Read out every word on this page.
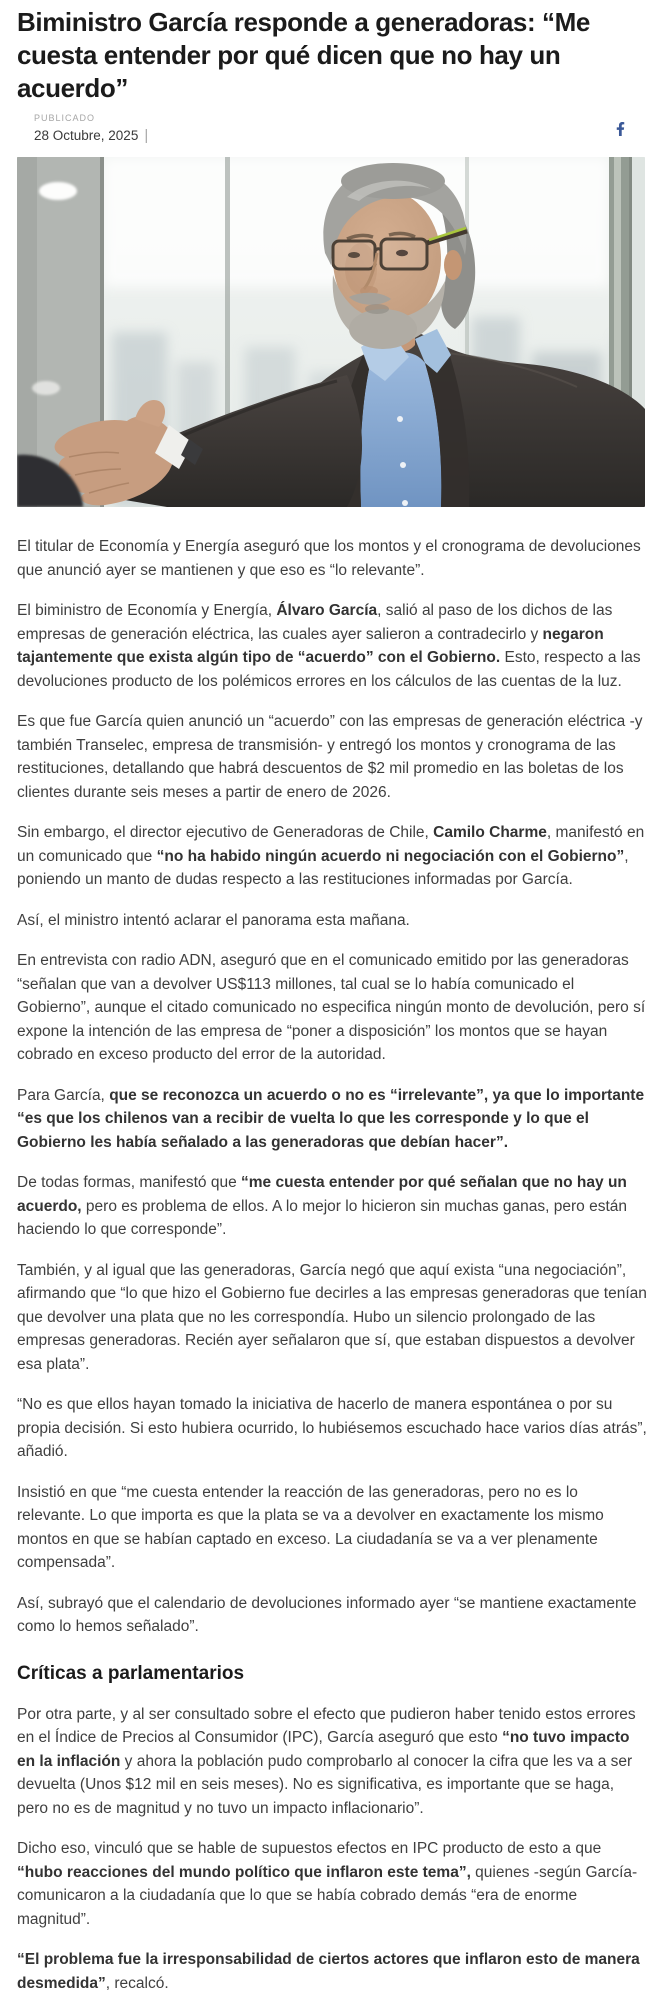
Biministro García responde a generadoras: “Me cuesta entender por qué dicen que no hay un acuerdo”
PUBLICADO
28 Octubre, 2025 |

El titular de Economía y Energía aseguró que los montos y el cronograma de devoluciones que anunció ayer se mantienen y que eso es “lo relevante”.

El biministro de Economía y Energía, Álvaro García, salió al paso de los dichos de las empresas de generación eléctrica, las cuales ayer salieron a contradecirlo y negaron tajantemente que exista algún tipo de “acuerdo” con el Gobierno. Esto, respecto a las devoluciones producto de los polémicos errores en los cálculos de las cuentas de la luz.

Es que fue García quien anunció un “acuerdo” con las empresas de generación eléctrica -y también Transelec, empresa de transmisión- y entregó los montos y cronograma de las restituciones, detallando que habrá descuentos de $2 mil promedio en las boletas de los clientes durante seis meses a partir de enero de 2026.

Sin embargo, el director ejecutivo de Generadoras de Chile, Camilo Charme, manifestó en un comunicado que “no ha habido ningún acuerdo ni negociación con el Gobierno”, poniendo un manto de dudas respecto a las restituciones informadas por García.

Así, el ministro intentó aclarar el panorama esta mañana.

En entrevista con radio ADN, aseguró que en el comunicado emitido por las generadoras “señalan que van a devolver US$113 millones, tal cual se lo había comunicado el Gobierno”, aunque el citado comunicado no especifica ningún monto de devolución, pero sí expone la intención de las empresa de “poner a disposición” los montos que se hayan cobrado en exceso producto del error de la autoridad.

Para García, que se reconozca un acuerdo o no es “irrelevante”, ya que lo importante “es que los chilenos van a recibir de vuelta lo que les corresponde y lo que el Gobierno les había señalado a las generadoras que debían hacer”.

De todas formas, manifestó que “me cuesta entender por qué señalan que no hay un acuerdo, pero es problema de ellos. A lo mejor lo hicieron sin muchas ganas, pero están haciendo lo que corresponde”.

También, y al igual que las generadoras, García negó que aquí exista “una negociación”, afirmando que “lo que hizo el Gobierno fue decirles a las empresas generadoras que tenían que devolver una plata que no les correspondía. Hubo un silencio prolongado de las empresas generadoras. Recién ayer señalaron que sí, que estaban dispuestos a devolver esa plata”.

“No es que ellos hayan tomado la iniciativa de hacerlo de manera espontánea o por su propia decisión. Si esto hubiera ocurrido, lo hubiésemos escuchado hace varios días atrás”, añadió.

Insistió en que “me cuesta entender la reacción de las generadoras, pero no es lo relevante. Lo que importa es que la plata se va a devolver en exactamente los mismo montos en que se habían captado en exceso. La ciudadanía se va a ver plenamente compensada”.

Así, subrayó que el calendario de devoluciones informado ayer “se mantiene exactamente como lo hemos señalado”.

Críticas a parlamentarios

Por otra parte, y al ser consultado sobre el efecto que pudieron haber tenido estos errores en el Índice de Precios al Consumidor (IPC), García aseguró que esto “no tuvo impacto en la inflación y ahora la población pudo comprobarlo al conocer la cifra que les va a ser devuelta (Unos $12 mil en seis meses). No es significativa, es importante que se haga, pero no es de magnitud y no tuvo un impacto inflacionario”.

Dicho eso, vinculó que se hable de supuestos efectos en IPC producto de esto a que “hubo reacciones del mundo político que inflaron este tema”, quienes -según García- comunicaron a la ciudadanía que lo que se había cobrado demás “era de enorme magnitud”.

“El problema fue la irresponsabilidad de ciertos actores que inflaron esto de manera desmedida”, recalcó.
